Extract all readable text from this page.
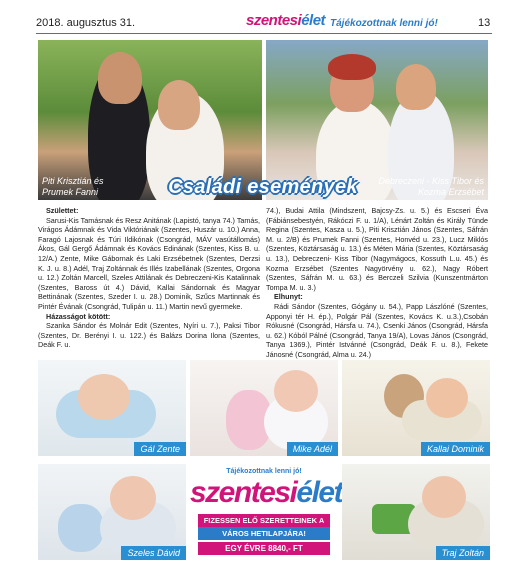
2018. augusztus 31.	szentesiélet Tájékozottnak lenni jó!	13
Piti Krisztián és
Prumek Fanni
Debreczeni - Kiss Tibor és
Kozma Erzsébet
Családi események
Születtet:
Sarusi-Kis Tamásnak és Resz Anitának (Lapistó, tanya 74.) Tamás, Virágos Ádámnak és Vida Viktóriának (Szentes, Huszár u. 10.) Anna, Faragó Lajosnak és Túri Ildikónak (Csongrád, MÁV vasútállomás) Ákos, Gál Gergő Ádámnak és Kovács Edinának (Szentes, Kiss B. u. 12/A.) Zente, Mike Gábornak és Laki Erzsébetnek (Szentes, Derzsi K. J. u. 8.) Adél, Traj Zoltánnak és Illés Izabellának (Szentes, Orgona u. 12.) Zoltán Marcell, Szeles Attilának és Debreczeni-Kis Katalinnak (Szentes, Baross út 4.) Dávid, Kallai Sándornak és Magyar Bettinának (Szentes, Szeder I. u. 28.) Dominik, Szűcs Martinnak és Pintér Évának (Csongrád, Tulipán u. 11.) Martin nevű gyermeke.
Házasságot kötött:
Szanka Sándor és Molnár Edit (Szentes, Nyíri u. 7.), Paksi Tibor (Szentes, Dr. Berényi I. u. 122.) és Balázs Dorina Ilona (Szentes, Deák F. u.
74.), Budai Attila (Mindszent, Bajcsy-Zs. u. 5.) és Escseri Éva (Fábiánsebestyén, Rákóczi F. u. 1/A), Lénárt Zoltán és Király Tünde Regina (Szentes, Kasza u. 5.), Piti Krisztián János (Szentes, Sáfrán M. u. 2/B) és Prumek Fanni (Szentes, Honvéd u. 23.), Lucz Miklós (Szentes, Köztársaság u. 13.) és Méten Mária (Szentes, Köztársaság u. 13.), Debreczeni- Kiss Tibor (Nagymágocs, Kossuth L.u. 45.) és Kozma Erzsébet (Szentes Nagyörvény u. 62.), Nagy Róbert (Szentes, Sáfrán M. u. 63.) és Berczeli Szilvia (Kunszentmárton Tompa M. u. 3.)
Elhunyt:
Rádi Sándor (Szentes, Gógány u. 54.), Papp Lászlóné (Szentes, Apponyi tér H. ép.), Polgár Pál (Szentes, Kovács K. u.3.),Csobán Rókusné (Csongrád, Hársfa u. 74.), Csenki János (Csongrád, Hársfa u. 62.) Kóból Pálné (Csongrád, Tanya 19/A), Lovas János (Csongrád, Tanya 1369.), Pintér Istvánné (Csongrád, Deák F. u. 8.), Fekete Jánosné (Csongrád, Alma u. 24.)
Gál Zente	Mike Adél	Kallai Dominik
Szeles Dávid
Tájékozottnak lenni jó!
szentesiélet
FIZESSEN ELŐ SZERETTEINEK A
VÁROS HETILAPJÁRA!
EGY ÉVRE 8840,- FT	Traj Zoltán
